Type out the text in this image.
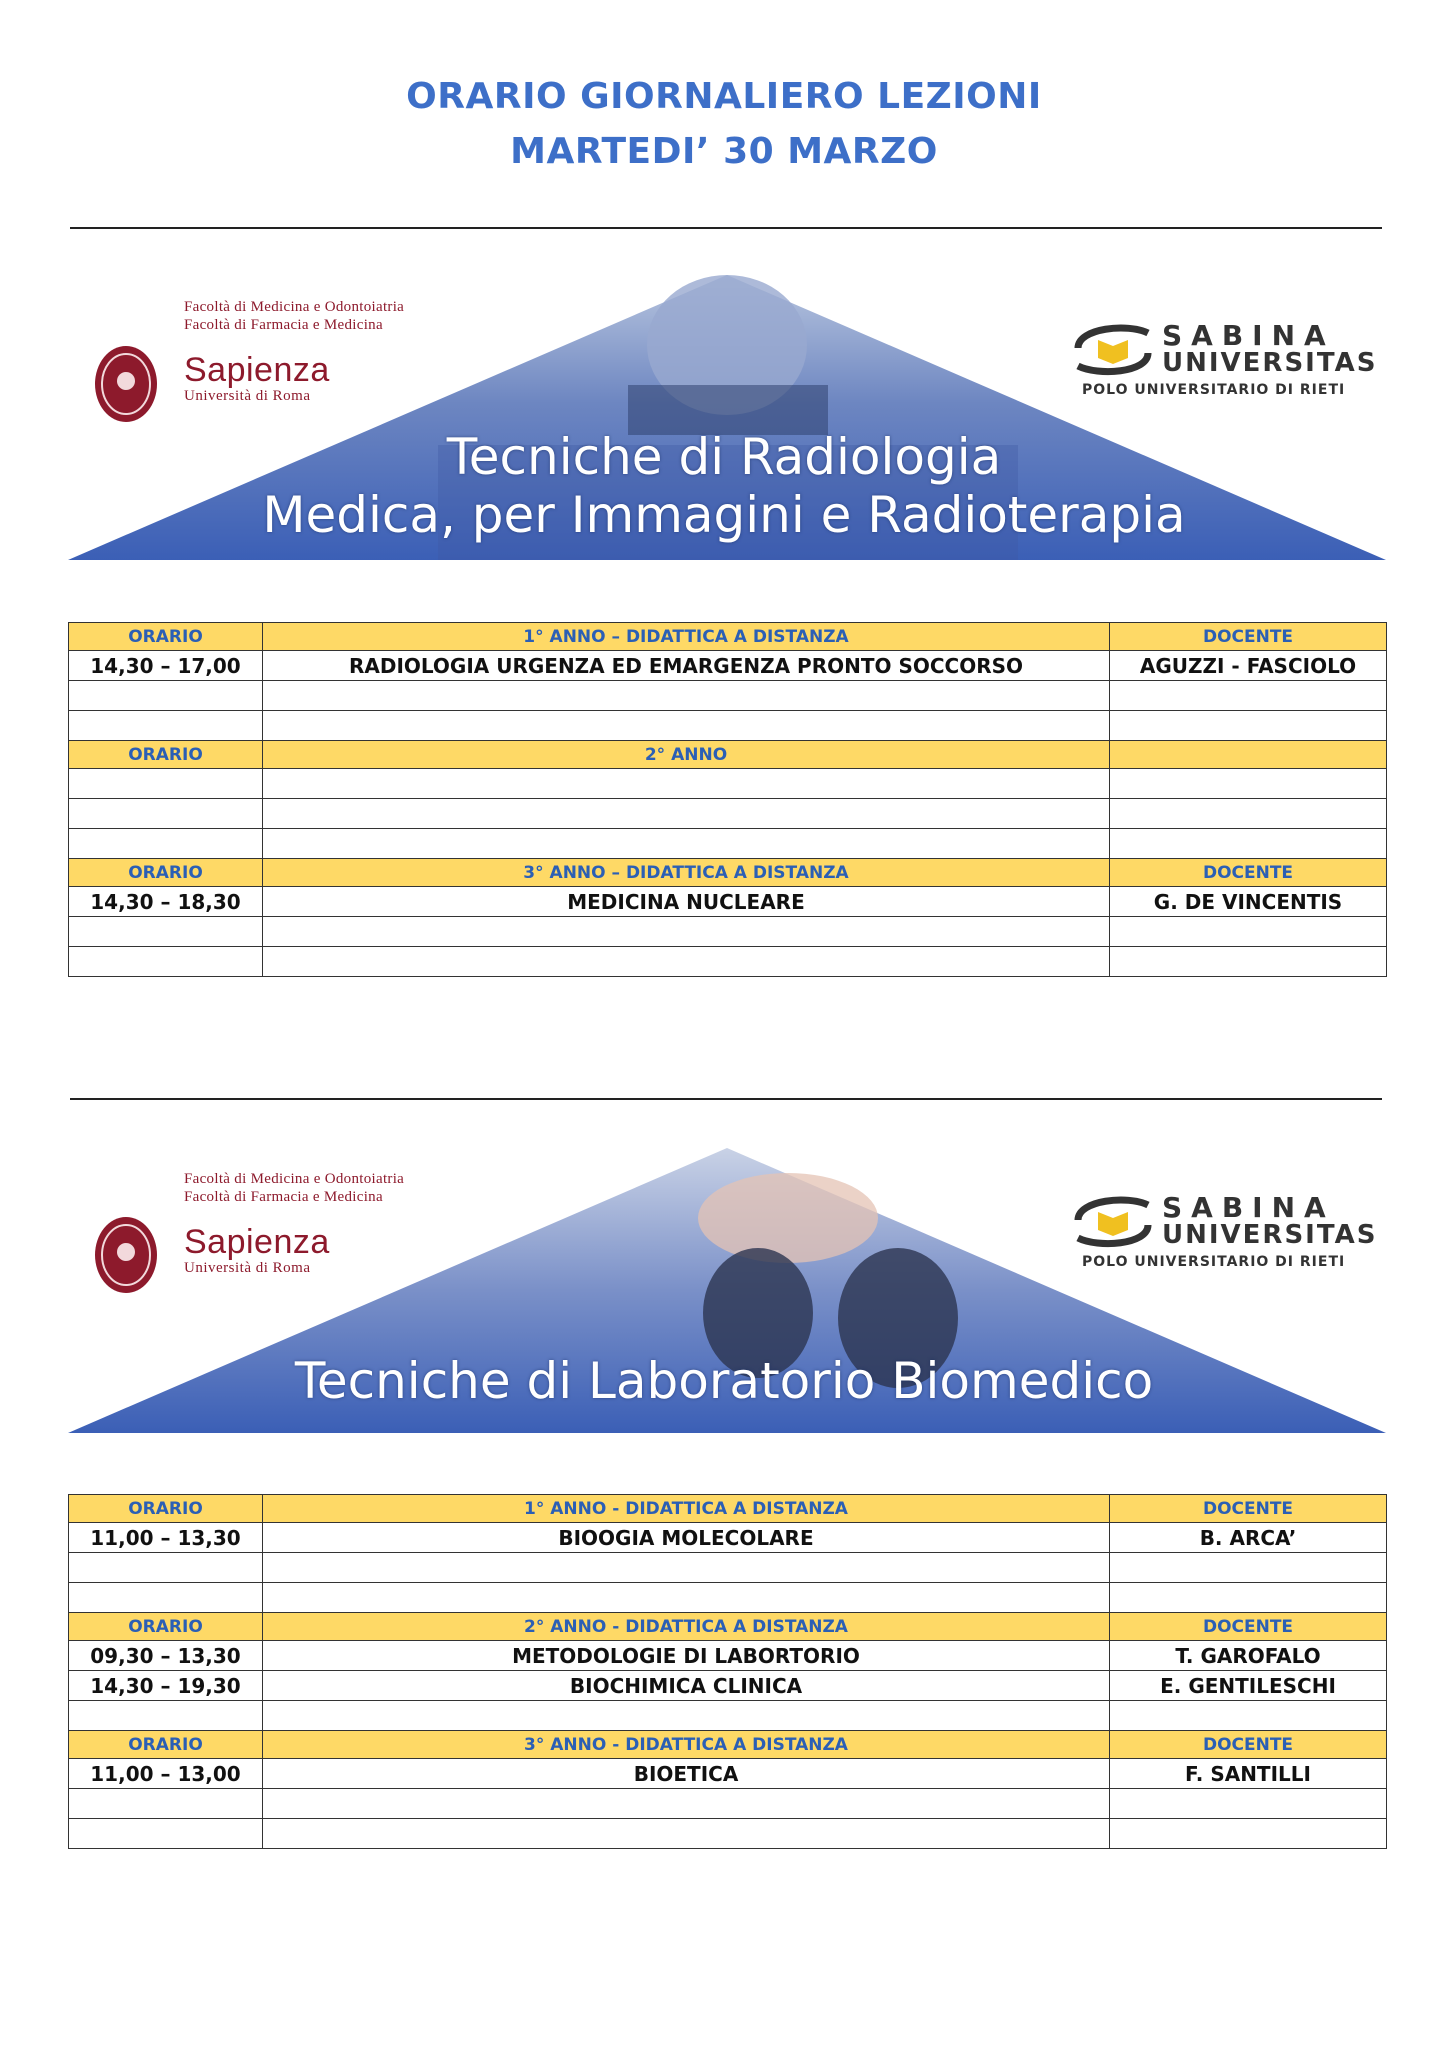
ORARIO GIORNALIERO LEZIONI
MARTEDI’ 30 MARZO
Facoltà di Medicina e Odontoiatria
Facoltà di Farmacia e Medicina
Sapienza
Università di Roma
SABINA
UNIVERSITAS
POLO UNIVERSITARIO DI RIETI
Tecniche di Radiologia
Medica, per Immagini e Radioterapia
ORARIO	1° ANNO – DIDATTICA A DISTANZA	DOCENTE
14,30 – 17,00	RADIOLOGIA URGENZA ED EMARGENZA PRONTO SOCCORSO	AGUZZI - FASCIOLO

ORARIO	2° ANNO	

ORARIO	3° ANNO – DIDATTICA A DISTANZA	DOCENTE
14,30 – 18,30	MEDICINA NUCLEARE	G. DE VINCENTIS

Facoltà di Medicina e Odontoiatria
Facoltà di Farmacia e Medicina
Sapienza
Università di Roma
SABINA
UNIVERSITAS
POLO UNIVERSITARIO DI RIETI
Tecniche di Laboratorio Biomedico
ORARIO	1° ANNO - DIDATTICA A DISTANZA	DOCENTE
11,00 – 13,30	BIOOGIA MOLECOLARE	B. ARCA’

ORARIO	2° ANNO - DIDATTICA A DISTANZA	DOCENTE
09,30 – 13,30	METODOLOGIE DI LABORTORIO	T. GAROFALO
14,30 – 19,30	BIOCHIMICA CLINICA	E. GENTILESCHI

ORARIO	3° ANNO - DIDATTICA A DISTANZA	DOCENTE
11,00 – 13,00	BIOETICA	F. SANTILLI
